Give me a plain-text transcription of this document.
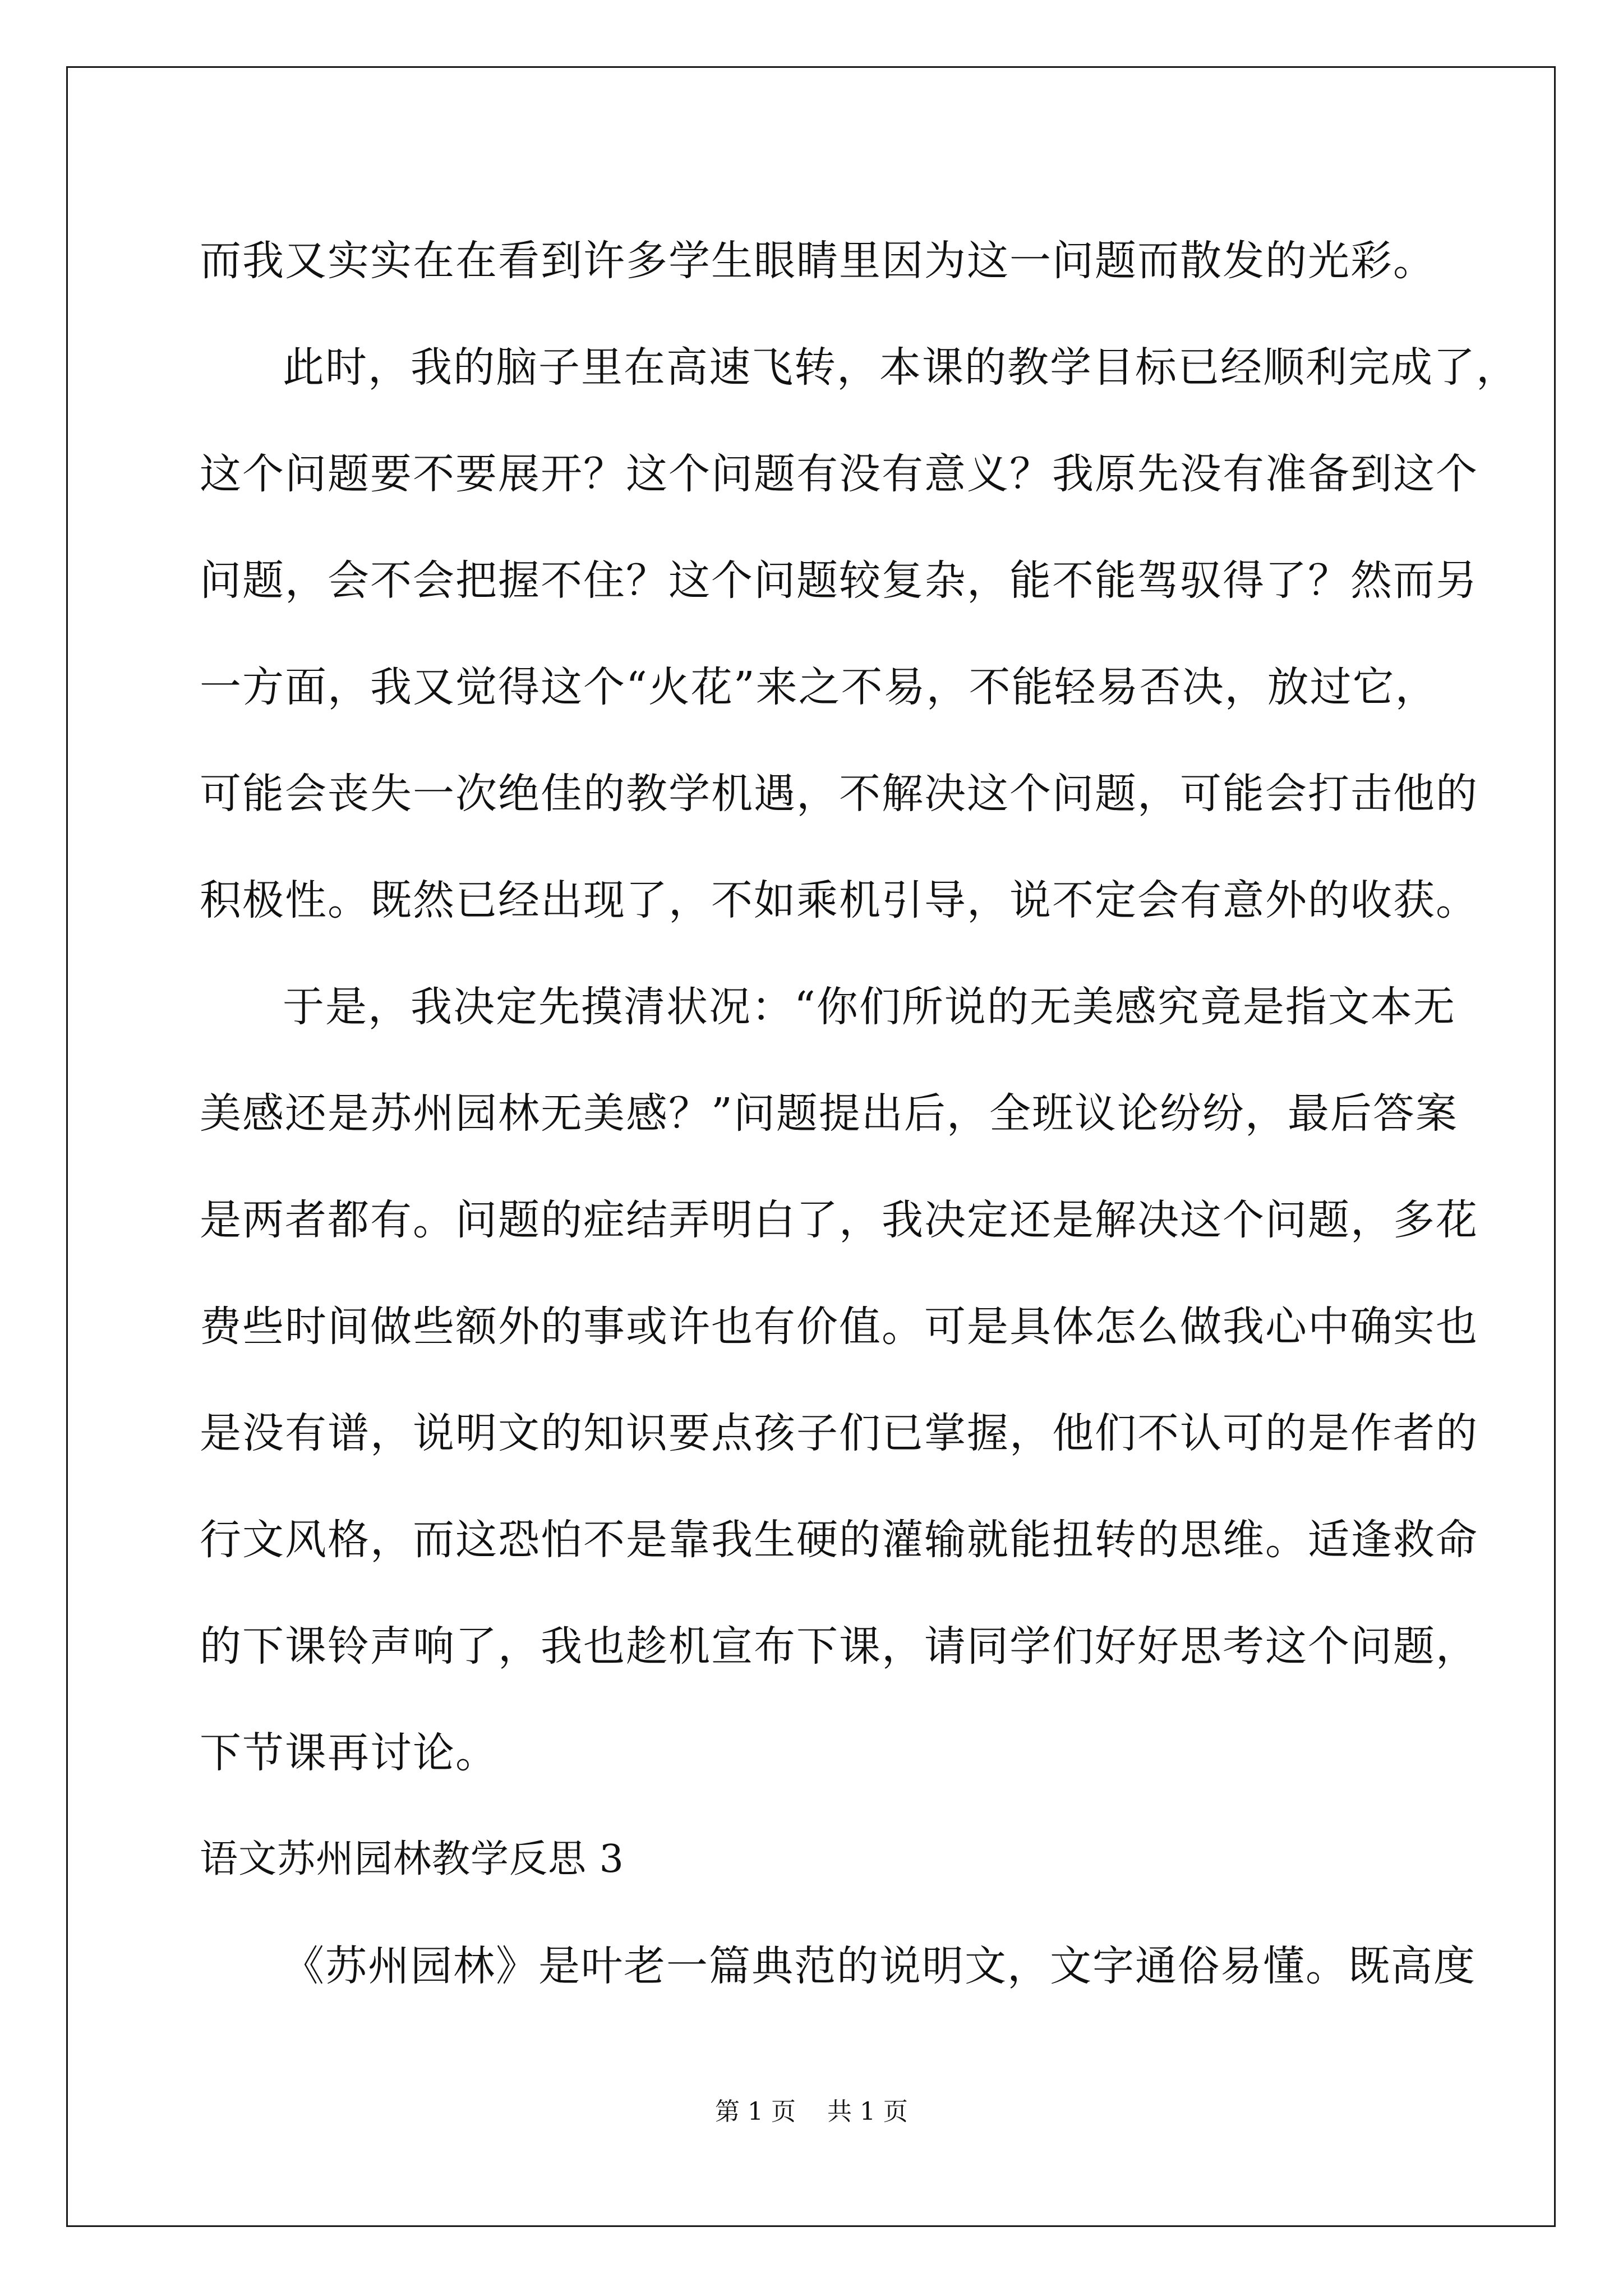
而我又实实在在看到许多学生眼睛里因为这一问题而散发的光彩。
此时，我的脑子里在高速飞转，本课的教学目标已经顺利完成了，
这个问题要不要展开？这个问题有没有意义？我原先没有准备到这个
问题，会不会把握不住？这个问题较复杂，能不能驾驭得了？然而另
一方面，我又觉得这个“火花”来之不易，不能轻易否决，放过它，
可能会丧失一次绝佳的教学机遇，不解决这个问题，可能会打击他的
积极性。既然已经出现了，不如乘机引导，说不定会有意外的收获。
于是，我决定先摸清状况：“你们所说的无美感究竟是指文本无
美感还是苏州园林无美感？”问题提出后，全班议论纷纷，最后答案
是两者都有。问题的症结弄明白了，我决定还是解决这个问题，多花
费些时间做些额外的事或许也有价值。可是具体怎么做我心中确实也
是没有谱，说明文的知识要点孩子们已掌握，他们不认可的是作者的
行文风格，而这恐怕不是靠我生硬的灌输就能扭转的思维。适逢救命
的下课铃声响了，我也趁机宣布下课，请同学们好好思考这个问题，
下节课再讨论。
语文苏州园林教学反思 3
《苏州园林》是叶老一篇典范的说明文，文字通俗易懂。既高度
第 1 页    共 1 页
